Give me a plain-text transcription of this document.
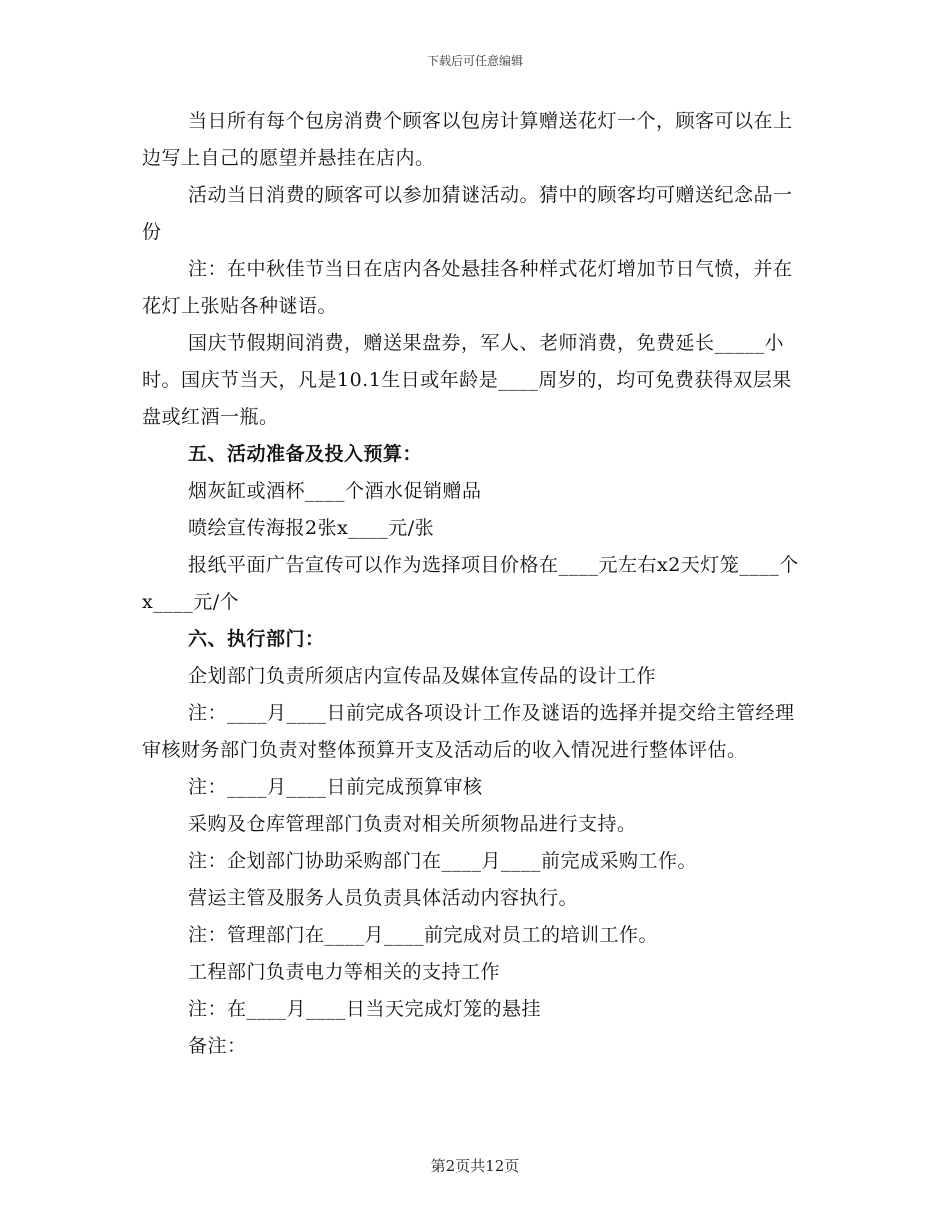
下载后可任意编辑

当日所有每个包房消费个顾客以包房计算赠送花灯一个，顾客可以在上边写上自己的愿望并悬挂在店内。

活动当日消费的顾客可以参加猜谜活动。猜中的顾客均可赠送纪念品一份

注：在中秋佳节当日在店内各处悬挂各种样式花灯增加节日气愤，并在花灯上张贴各种谜语。

国庆节假期间消费，赠送果盘券，军人、老师消费，免费延长_____小时。国庆节当天，凡是10.1生日或年龄是____周岁的，均可免费获得双层果盘或红酒一瓶。

五、活动准备及投入预算：

烟灰缸或酒杯____个酒水促销赠品

喷绘宣传海报2张x____元/张

报纸平面广告宣传可以作为选择项目价格在____元左右x2天灯笼____个x____元/个

六、执行部门：

企划部门负责所须店内宣传品及媒体宣传品的设计工作

注：____月____日前完成各项设计工作及谜语的选择并提交给主管经理审核财务部门负责对整体预算开支及活动后的收入情况进行整体评估。

注：____月____日前完成预算审核

采购及仓库管理部门负责对相关所须物品进行支持。

注：企划部门协助采购部门在____月____前完成采购工作。

营运主管及服务人员负责具体活动内容执行。

注：管理部门在____月____前完成对员工的培训工作。

工程部门负责电力等相关的支持工作

注：在____月____日当天完成灯笼的悬挂

备注：

第2页共12页
